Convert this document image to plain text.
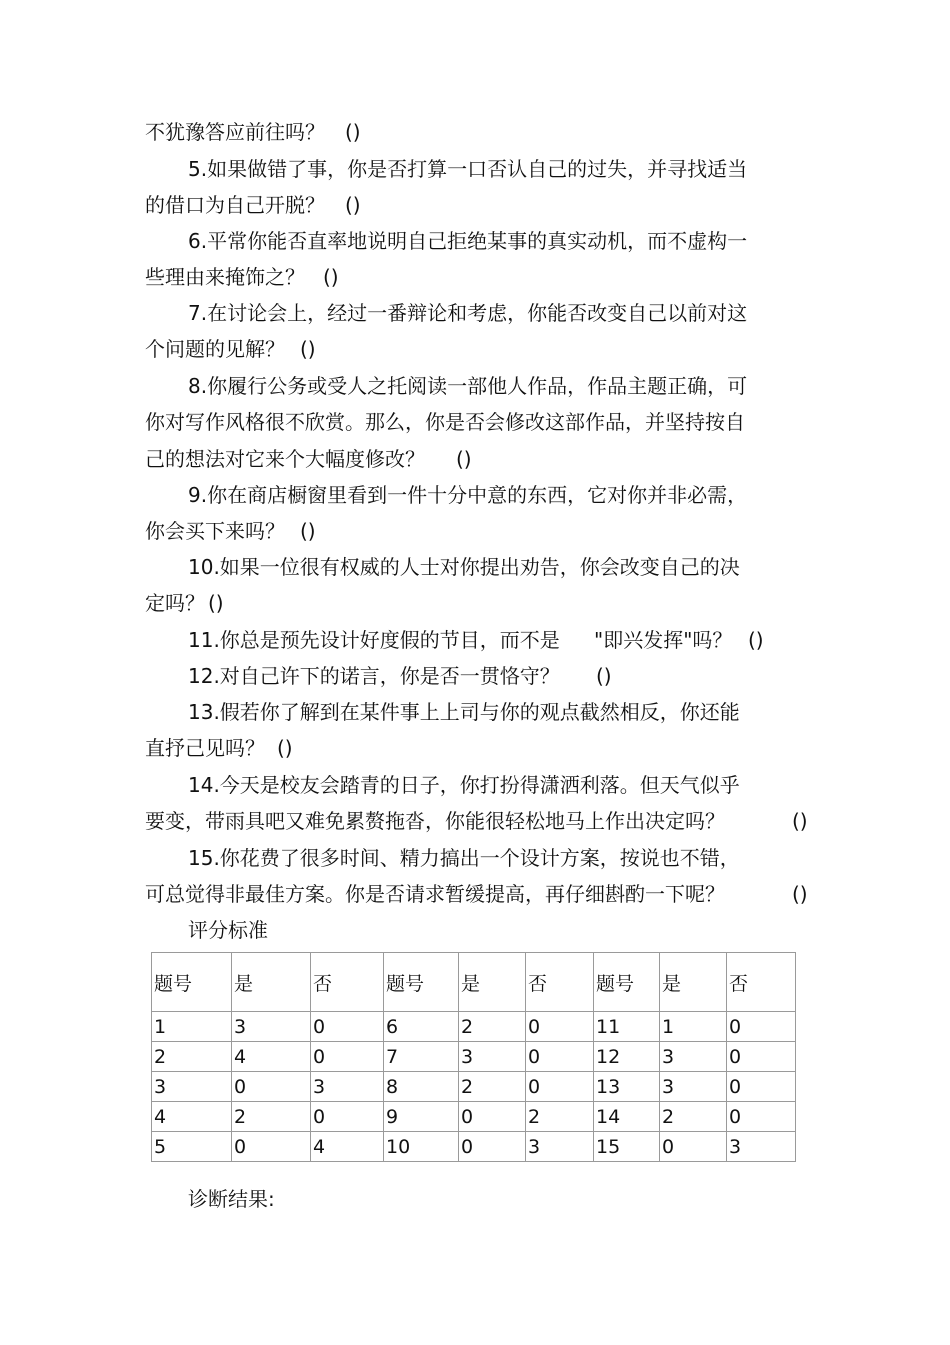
不犹豫答应前往吗？ ()
5.如果做错了事，你是否打算一口否认自己的过失，并寻找适当
的借口为自己开脱？ ()
6.平常你能否直率地说明自己拒绝某事的真实动机，而不虚构一
些理由来掩饰之？ ()
7.在讨论会上，经过一番辩论和考虑，你能否改变自己以前对这
个问题的见解？ ()
8.你履行公务或受人之托阅读一部他人作品，作品主题正确，可
你对写作风格很不欣赏。那么，你是否会修改这部作品，并坚持按自
己的想法对它来个大幅度修改？ ()
9.你在商店橱窗里看到一件十分中意的东西，它对你并非必需，
你会买下来吗？ ()
10.如果一位很有权威的人士对你提出劝告，你会改变自己的决
定吗？ ()
11.你总是预先设计好度假的节目，而不是 "即兴发挥"吗？ ()
12.对自己许下的诺言，你是否一贯恪守？ ()
13.假若你了解到在某件事上上司与你的观点截然相反，你还能
直抒己见吗？ ()
14.今天是校友会踏青的日子，你打扮得潇洒利落。但天气似乎
要变，带雨具吧又难免累赘拖沓，你能很轻松地马上作出决定吗？	()
15.你花费了很多时间、精力搞出一个设计方案，按说也不错，
可总觉得非最佳方案。你是否请求暂缓提高，再仔细斟酌一下呢？	()
评分标准
题号	是	否	题号	是	否	题号	是	否
1	3	0	6	2	0	11	1	0
2	4	0	7	3	0	12	3	0
3	0	3	8	2	0	13	3	0
4	2	0	9	0	2	14	2	0
5	0	4	10	0	3	15	0	3
诊断结果:
